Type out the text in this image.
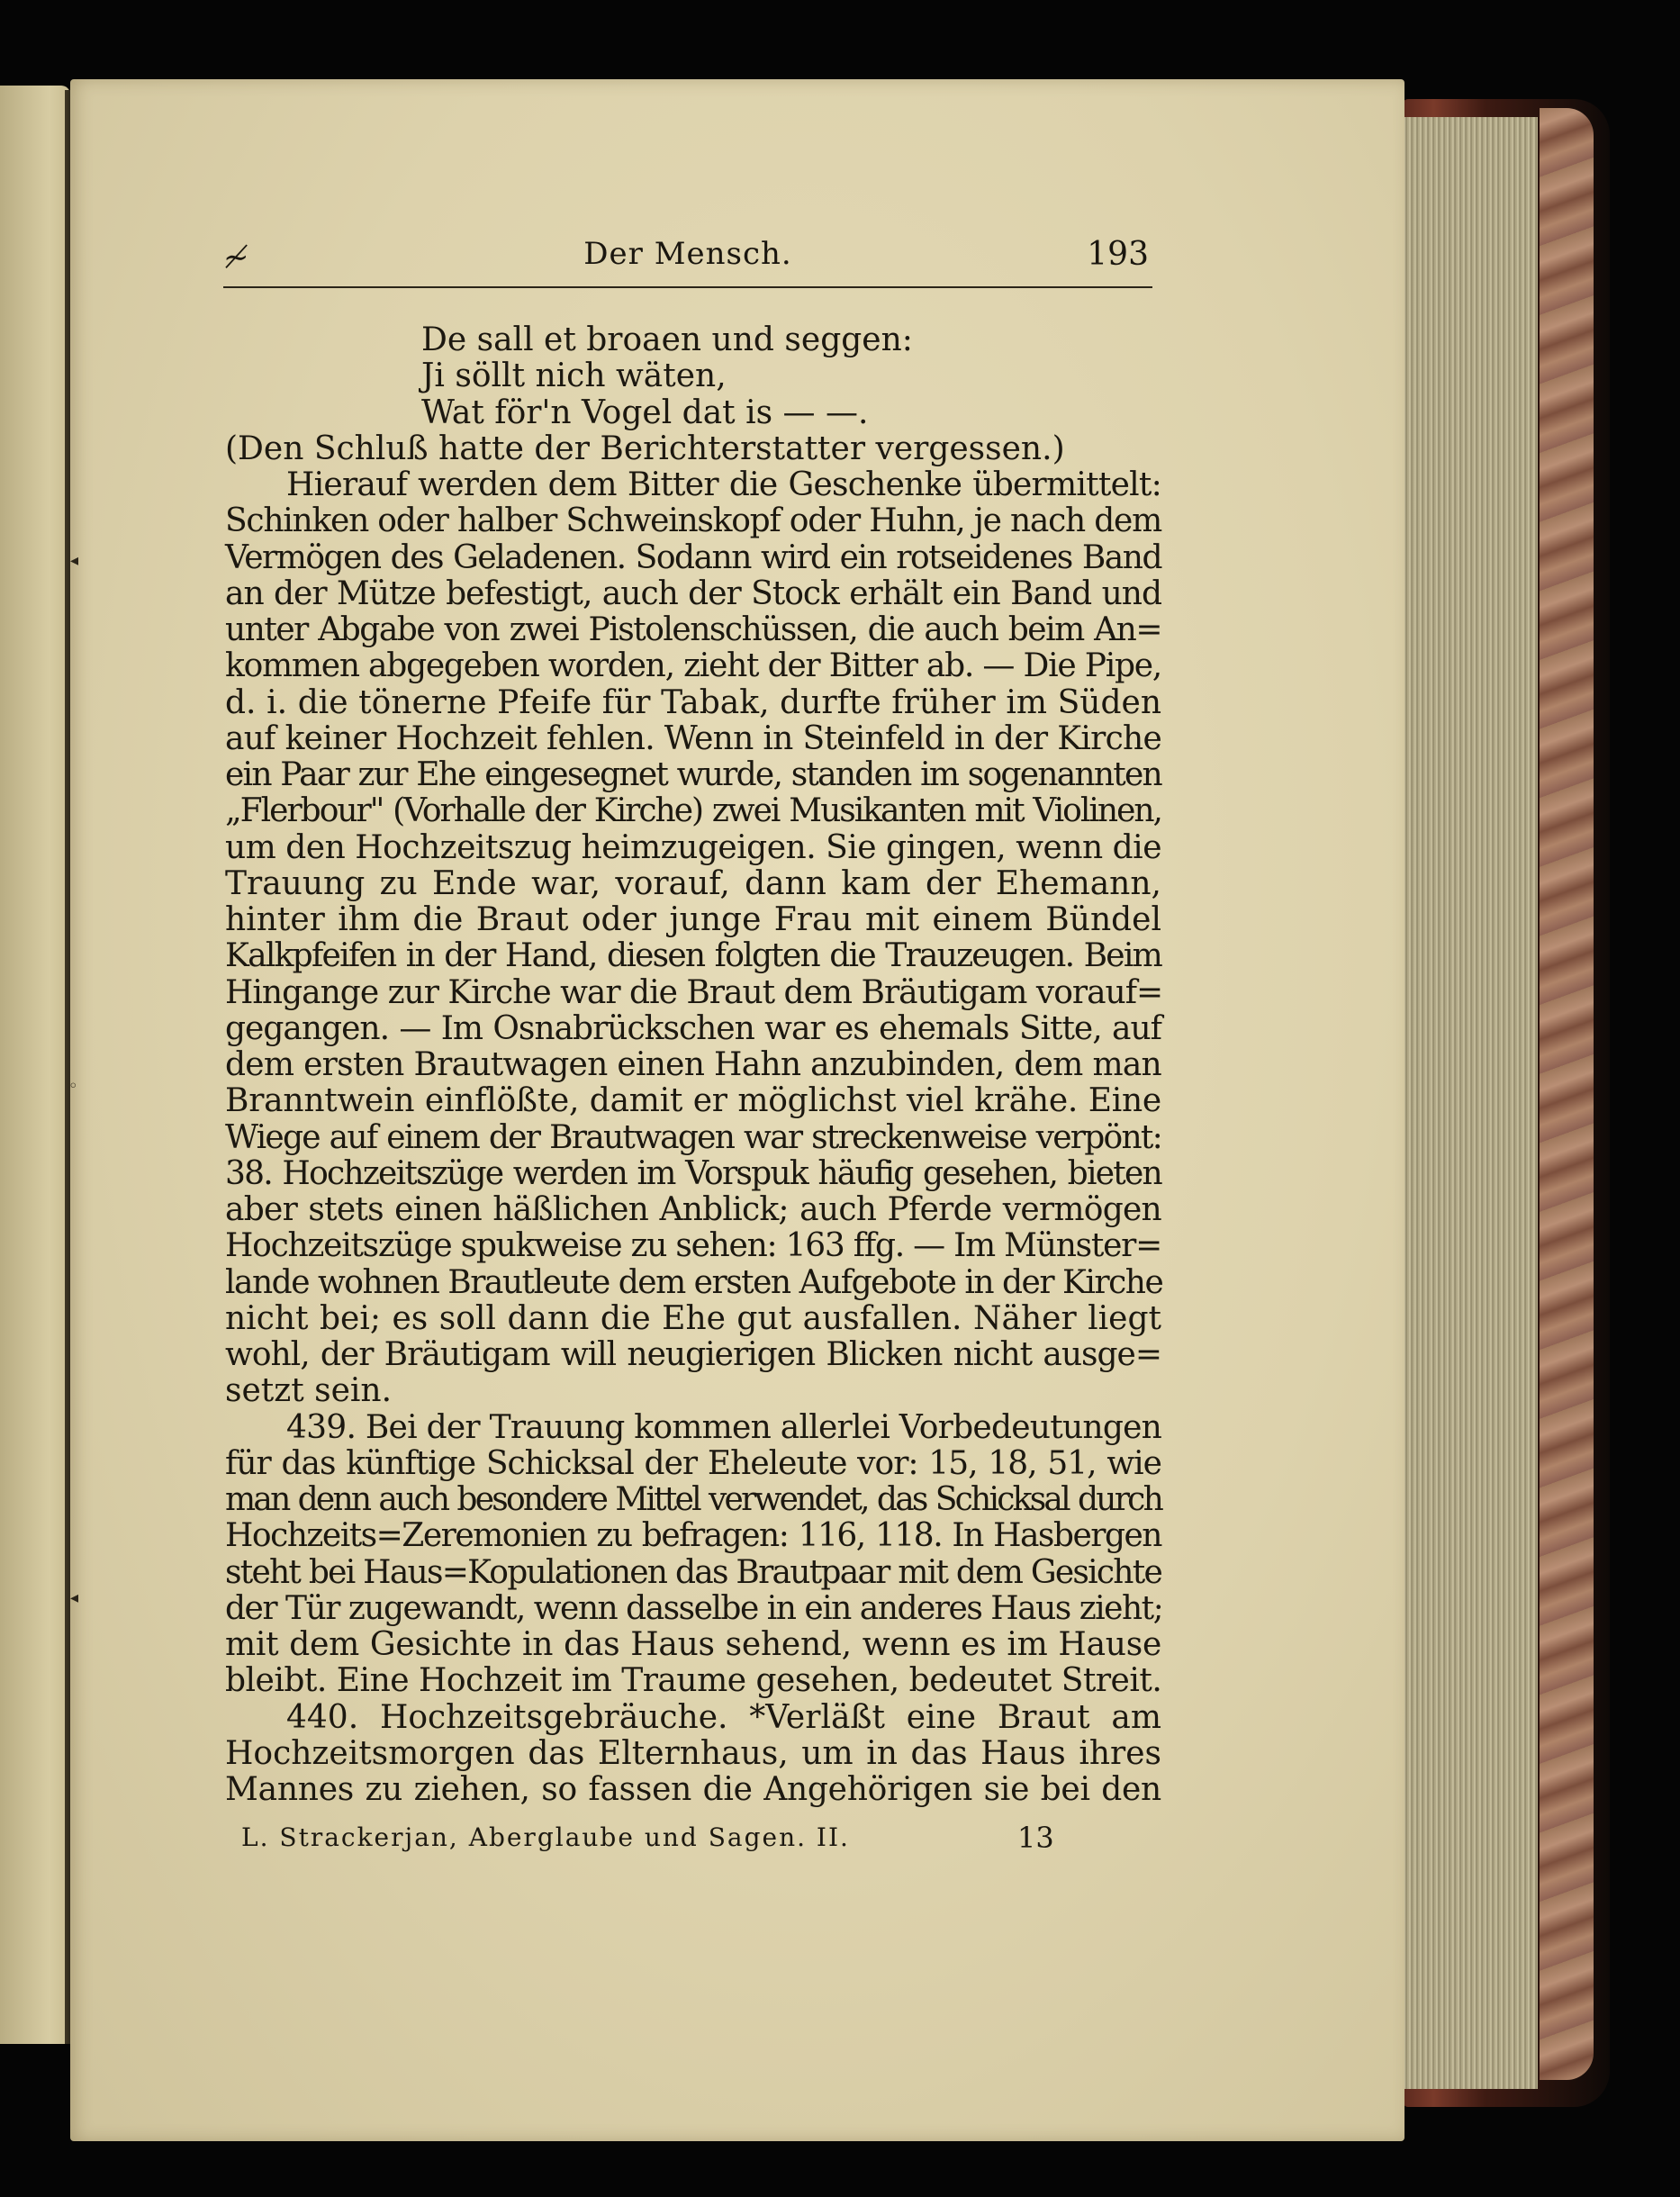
◂
◦
◂
≁	Der Mensch.	193
De sall et broaen und seggen:
Ji söllt nich wäten,
Wat för'n Vogel dat is — —.
(Den Schluß hatte der Berichterstatter vergessen.)
Hierauf werden dem Bitter die Geschenke übermittelt:
Schinken oder halber Schweinskopf oder Huhn, je nach dem
Vermögen des Geladenen. Sodann wird ein rotseidenes Band
an der Mütze befestigt, auch der Stock erhält ein Band und
unter Abgabe von zwei Pistolenschüssen, die auch beim An=
kommen abgegeben worden, zieht der Bitter ab. — Die Pipe,
d. i. die tönerne Pfeife für Tabak, durfte früher im Süden
auf keiner Hochzeit fehlen. Wenn in Steinfeld in der Kirche
ein Paar zur Ehe eingesegnet wurde, standen im sogenannten
„Flerbour" (Vorhalle der Kirche) zwei Musikanten mit Violinen,
um den Hochzeitszug heimzugeigen. Sie gingen, wenn die
Trauung zu Ende war, vorauf, dann kam der Ehemann,
hinter ihm die Braut oder junge Frau mit einem Bündel
Kalkpfeifen in der Hand, diesen folgten die Trauzeugen. Beim
Hingange zur Kirche war die Braut dem Bräutigam vorauf=
gegangen. — Im Osnabrückschen war es ehemals Sitte, auf
dem ersten Brautwagen einen Hahn anzubinden, dem man
Branntwein einflößte, damit er möglichst viel krähe. Eine
Wiege auf einem der Brautwagen war streckenweise verpönt:
38. Hochzeitszüge werden im Vorspuk häufig gesehen, bieten
aber stets einen häßlichen Anblick; auch Pferde vermögen
Hochzeitszüge spukweise zu sehen: 163 ffg. — Im Münster=
lande wohnen Brautleute dem ersten Aufgebote in der Kirche
nicht bei; es soll dann die Ehe gut ausfallen. Näher liegt
wohl, der Bräutigam will neugierigen Blicken nicht ausge=
setzt sein.
439. Bei der Trauung kommen allerlei Vorbedeutungen
für das künftige Schicksal der Eheleute vor: 15, 18, 51, wie
man denn auch besondere Mittel verwendet, das Schicksal durch
Hochzeits=Zeremonien zu befragen: 116, 118. In Hasbergen
steht bei Haus=Kopulationen das Brautpaar mit dem Gesichte
der Tür zugewandt, wenn dasselbe in ein anderes Haus zieht;
mit dem Gesichte in das Haus sehend, wenn es im Hause
bleibt. Eine Hochzeit im Traume gesehen, bedeutet Streit.
440. Hochzeitsgebräuche. *Verläßt eine Braut am
Hochzeitsmorgen das Elternhaus, um in das Haus ihres
Mannes zu ziehen, so fassen die Angehörigen sie bei den
L. Strackerjan, Aberglaube und Sagen. II.	13
